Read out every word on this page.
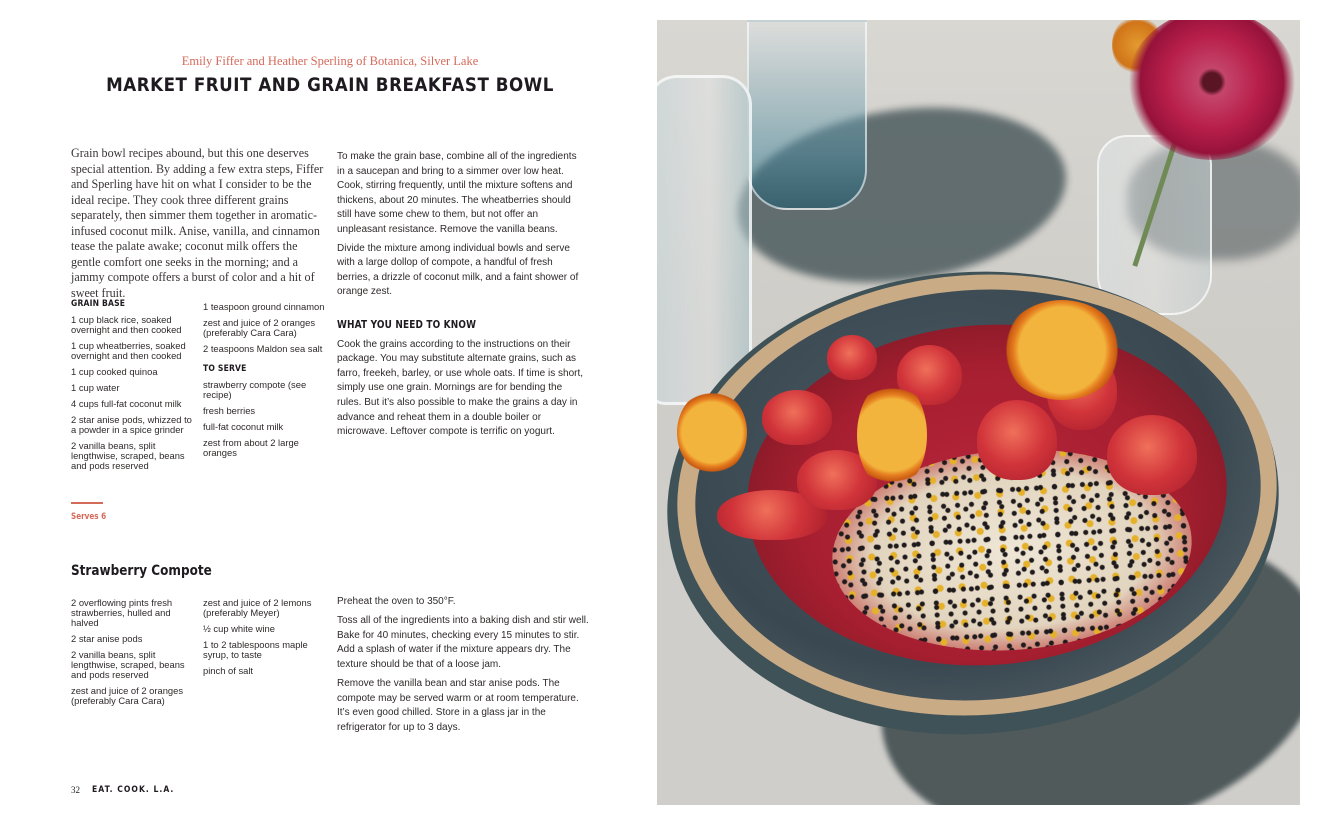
Emily Fiffer and Heather Sperling of Botanica, Silver Lake
MARKET FRUIT AND GRAIN BREAKFAST BOWL
Grain bowl recipes abound, but this one deserves special attention. By adding a few extra steps, Fiffer and Sperling have hit on what I consider to be the ideal recipe. They cook three different grains separately, then simmer them together in aromatic-infused coconut milk. Anise, vanilla, and cinnamon tease the palate awake; coconut milk offers the gentle comfort one seeks in the morning; and a jammy compote offers a burst of color and a hit of sweet fruit.
GRAIN BASE
1 cup black rice, soaked overnight and then cooked
1 cup wheatberries, soaked overnight and then cooked
1 cup cooked quinoa
1 cup water
4 cups full-fat coconut milk
2 star anise pods, whizzed to a powder in a spice grinder
2 vanilla beans, split lengthwise, scraped, beans and pods reserved
1 teaspoon ground cinnamon
zest and juice of 2 oranges (preferably Cara Cara)
2 teaspoons Maldon sea salt
TO SERVE
strawberry compote (see recipe)
fresh berries
full-fat coconut milk
zest from about 2 large oranges

To make the grain base, combine all of the ingredients in a saucepan and bring to a simmer over low heat. Cook, stirring frequently, until the mixture softens and thickens, about 20 minutes. The wheatberries should still have some chew to them, but not offer an unpleasant resistance. Remove the vanilla beans.

Divide the mixture among individual bowls and serve with a large dollop of compote, a handful of fresh berries, a drizzle of coconut milk, and a faint shower of orange zest.

WHAT YOU NEED TO KNOW

Cook the grains according to the instructions on their package. You may substitute alternate grains, such as farro, freekeh, barley, or use whole oats. If time is short, simply use one grain. Mornings are for bending the rules. But it’s also possible to make the grains a day in advance and reheat them in a double boiler or microwave. Leftover compote is terrific on yogurt.

Serves 6
Strawberry Compote
2 overflowing pints fresh strawberries, hulled and halved
2 star anise pods
2 vanilla beans, split lengthwise, scraped, beans and pods reserved
zest and juice of 2 oranges (preferably Cara Cara)
zest and juice of 2 lemons (preferably Meyer)
½ cup white wine
1 to 2 tablespoons maple syrup, to taste
pinch of salt

Preheat the oven to 350°F.

Toss all of the ingredients into a baking dish and stir well. Bake for 40 minutes, checking every 15 minutes to stir. Add a splash of water if the mixture appears dry. The texture should be that of a loose jam.

Remove the vanilla bean and star anise pods. The compote may be served warm or at room temperature. It’s even good chilled. Store in a glass jar in the refrigerator for up to 3 days.

32 EAT. COOK. L.A.
